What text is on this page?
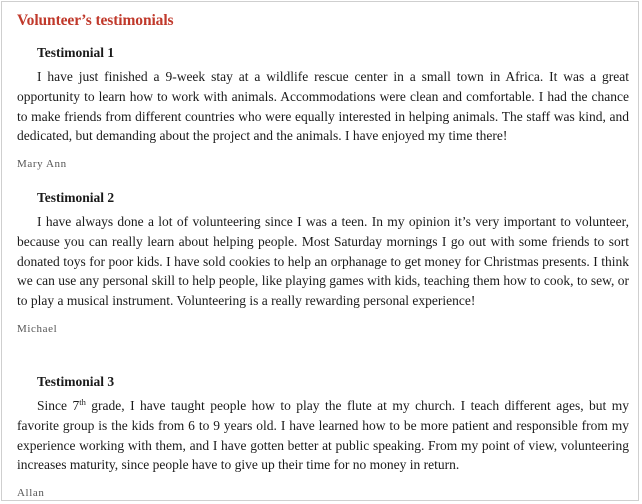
Volunteer’s testimonials

Testimonial 1

I have just finished a 9-week stay at a wildlife rescue center in a small town in Africa. It was a great opportunity to learn how to work with animals. Accommodations were clean and comfortable. I had the chance to make friends from different countries who were equally interested in helping animals. The staff was kind, and dedicated, but demanding about the project and the animals. I have enjoyed my time there!

Mary Ann

Testimonial 2

I have always done a lot of volunteering since I was a teen. In my opinion it’s very important to volunteer, because you can really learn about helping people. Most Saturday mornings I go out with some friends to sort donated toys for poor kids. I have sold cookies to help an orphanage to get money for Christmas presents. I think we can use any personal skill to help people, like playing games with kids, teaching them how to cook, to sew, or to play a musical instrument. Volunteering is a really rewarding personal experience!

Michael

Testimonial 3

Since 7th grade, I have taught people how to play the flute at my church. I teach different ages, but my favorite group is the kids from 6 to 9 years old. I have learned how to be more patient and responsible from my experience working with them, and I have gotten better at public speaking. From my point of view, volunteering increases maturity, since people have to give up their time for no money in return.

Allan
